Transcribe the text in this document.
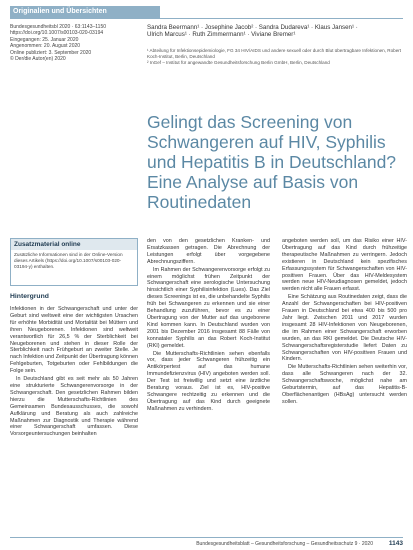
Originalien und Übersichten
Bundesgesundheitsbl 2020 · 63:1143–1150
https://doi.org/10.1007/s00103-020-03194
Eingegangen: 25. Januar 2020
Angenommen: 20. August 2020
Online publiziert: 3. September 2020
© Der/die Autor(en) 2020
Sandra Beermann¹ · Josephine Jacob² · Sandra Dudareva¹ · Klaus Jansen¹ ·
Ulrich Marcus¹ · Ruth Zimmermann¹ · Viviane Bremer¹
¹ Abteilung für Infektionsepidemiologie, FG 34 HIV/AIDS und andere sexuell oder durch Blut übertragbare Infektionen, Robert Koch-Institut, Berlin, Deutschland
² InGef – Institut für angewandte Gesundheitsforschung Berlin GmbH, Berlin, Deutschland
Gelingt das Screening von Schwangeren auf HIV, Syphilis und Hepatitis B in Deutschland? Eine Analyse auf Basis von Routinedaten
Zusatzmaterial online
Zusätzliche Informationen sind in der Online-Version dieses Artikels (https://doi.org/10.1007/s00103-020-03194-y) enthalten.
Hintergrund

Infektionen in der Schwangerschaft und unter der Geburt sind weltweit eine der wichtigsten Ursachen für erhöhte Morbidität und Mortalität bei Müttern und ihren Neugeborenen. Infektionen sind weltweit verantwortlich für 26,5 % der Sterblichkeit bei Neugeborenen und stehen in dieser Rolle der Sterblichkeit nach Frühgeburt an zweiter Stelle. Je nach Infektion und Zeitpunkt der Übertragung können Fehlgeburten, Totgeburten oder Fehlbildungen die Folge sein.

In Deutschland gibt es seit mehr als 50 Jahren eine strukturierte Schwangerenvorsorge in der Schwangerschaft. Den gesetzlichen Rahmen bilden hierzu die Mutterschafts-Richtlinien des Gemeinsamen Bundesausschusses, die sowohl Aufklärung und Beratung als auch zahlreiche Maßnahmen zur Diagnostik und Therapie während einer Schwangerschaft umfassen. Diese Vorsorgeuntersuchungen beinhalten

den von den gesetzlichen Kranken- und Ersatzkassen getragen. Die Abrechnung der Leistungen erfolgt über vorgegebene Abrechnungsziffern.

Im Rahmen der Schwangerenvorsorge erfolgt zu einem möglichst frühen Zeitpunkt der Schwangerschaft eine serologische Untersuchung hinsichtlich einer Syphilisinfektion (Lues). Das Ziel dieses Screenings ist es, die unbehandelte Syphilis früh bei Schwangeren zu erkennen und sie einer Behandlung zuzuführen, bevor es zu einer Übertragung von der Mutter auf das ungeborene Kind kommen kann. In Deutschland wurden von 2001 bis Dezember 2016 insgesamt 88 Fälle von konnataler Syphilis an das Robert Koch-Institut (RKI) gemeldet.

Die Mutterschafts-Richtlinien sehen ebenfalls vor, dass jeder Schwangeren frühzeitig ein Antikörpertest auf das humane Immundefizienzvirus (HIV) angeboten werden soll. Der Test ist freiwillig und setzt eine ärztliche Beratung voraus. Ziel ist es, HIV-positive Schwangere rechtzeitig zu erkennen und die Übertragung auf das Kind durch geeignete Maßnahmen zu verhindern.

angeboten werden soll, um das Risiko einer HIV-Übertragung auf das Kind durch frühzeitige therapeutische Maßnahmen zu verringern. Jedoch existieren in Deutschland kein spezifisches Erfassungssystem für Schwangerschaften von HIV-positiven Frauen. Über das HIV-Meldesystem werden neue HIV-Neudiagnosen gemeldet, jedoch werden nicht alle Frauen erfasst.

Eine Schätzung aus Routinedaten zeigt, dass die Anzahl der Schwangerschaften bei HIV-positiven Frauen in Deutschland bei etwa 400 bis 500 pro Jahr liegt. Zwischen 2011 und 2017 wurden insgesamt 28 HIV-Infektionen von Neugeborenen, die im Rahmen einer Schwangerschaft erworben wurden, an das RKI gemeldet. Die Deutsche HIV-Schwangerschaftsregisterstudie liefert Daten zu Schwangerschaften von HIV-positiven Frauen und Kindern.

Die Mutterschafts-Richtlinien sehen weiterhin vor, dass alle Schwangeren nach der 32. Schwangerschaftswoche, möglichst nahe am Geburtstermin, auf das Hepatitis-B-Oberflächenantigen (HBsAg) untersucht werden sollen.

Bundesgesundheitsblatt – Gesundheitsforschung – Gesundheitsschutz 9 · 2020 1143
